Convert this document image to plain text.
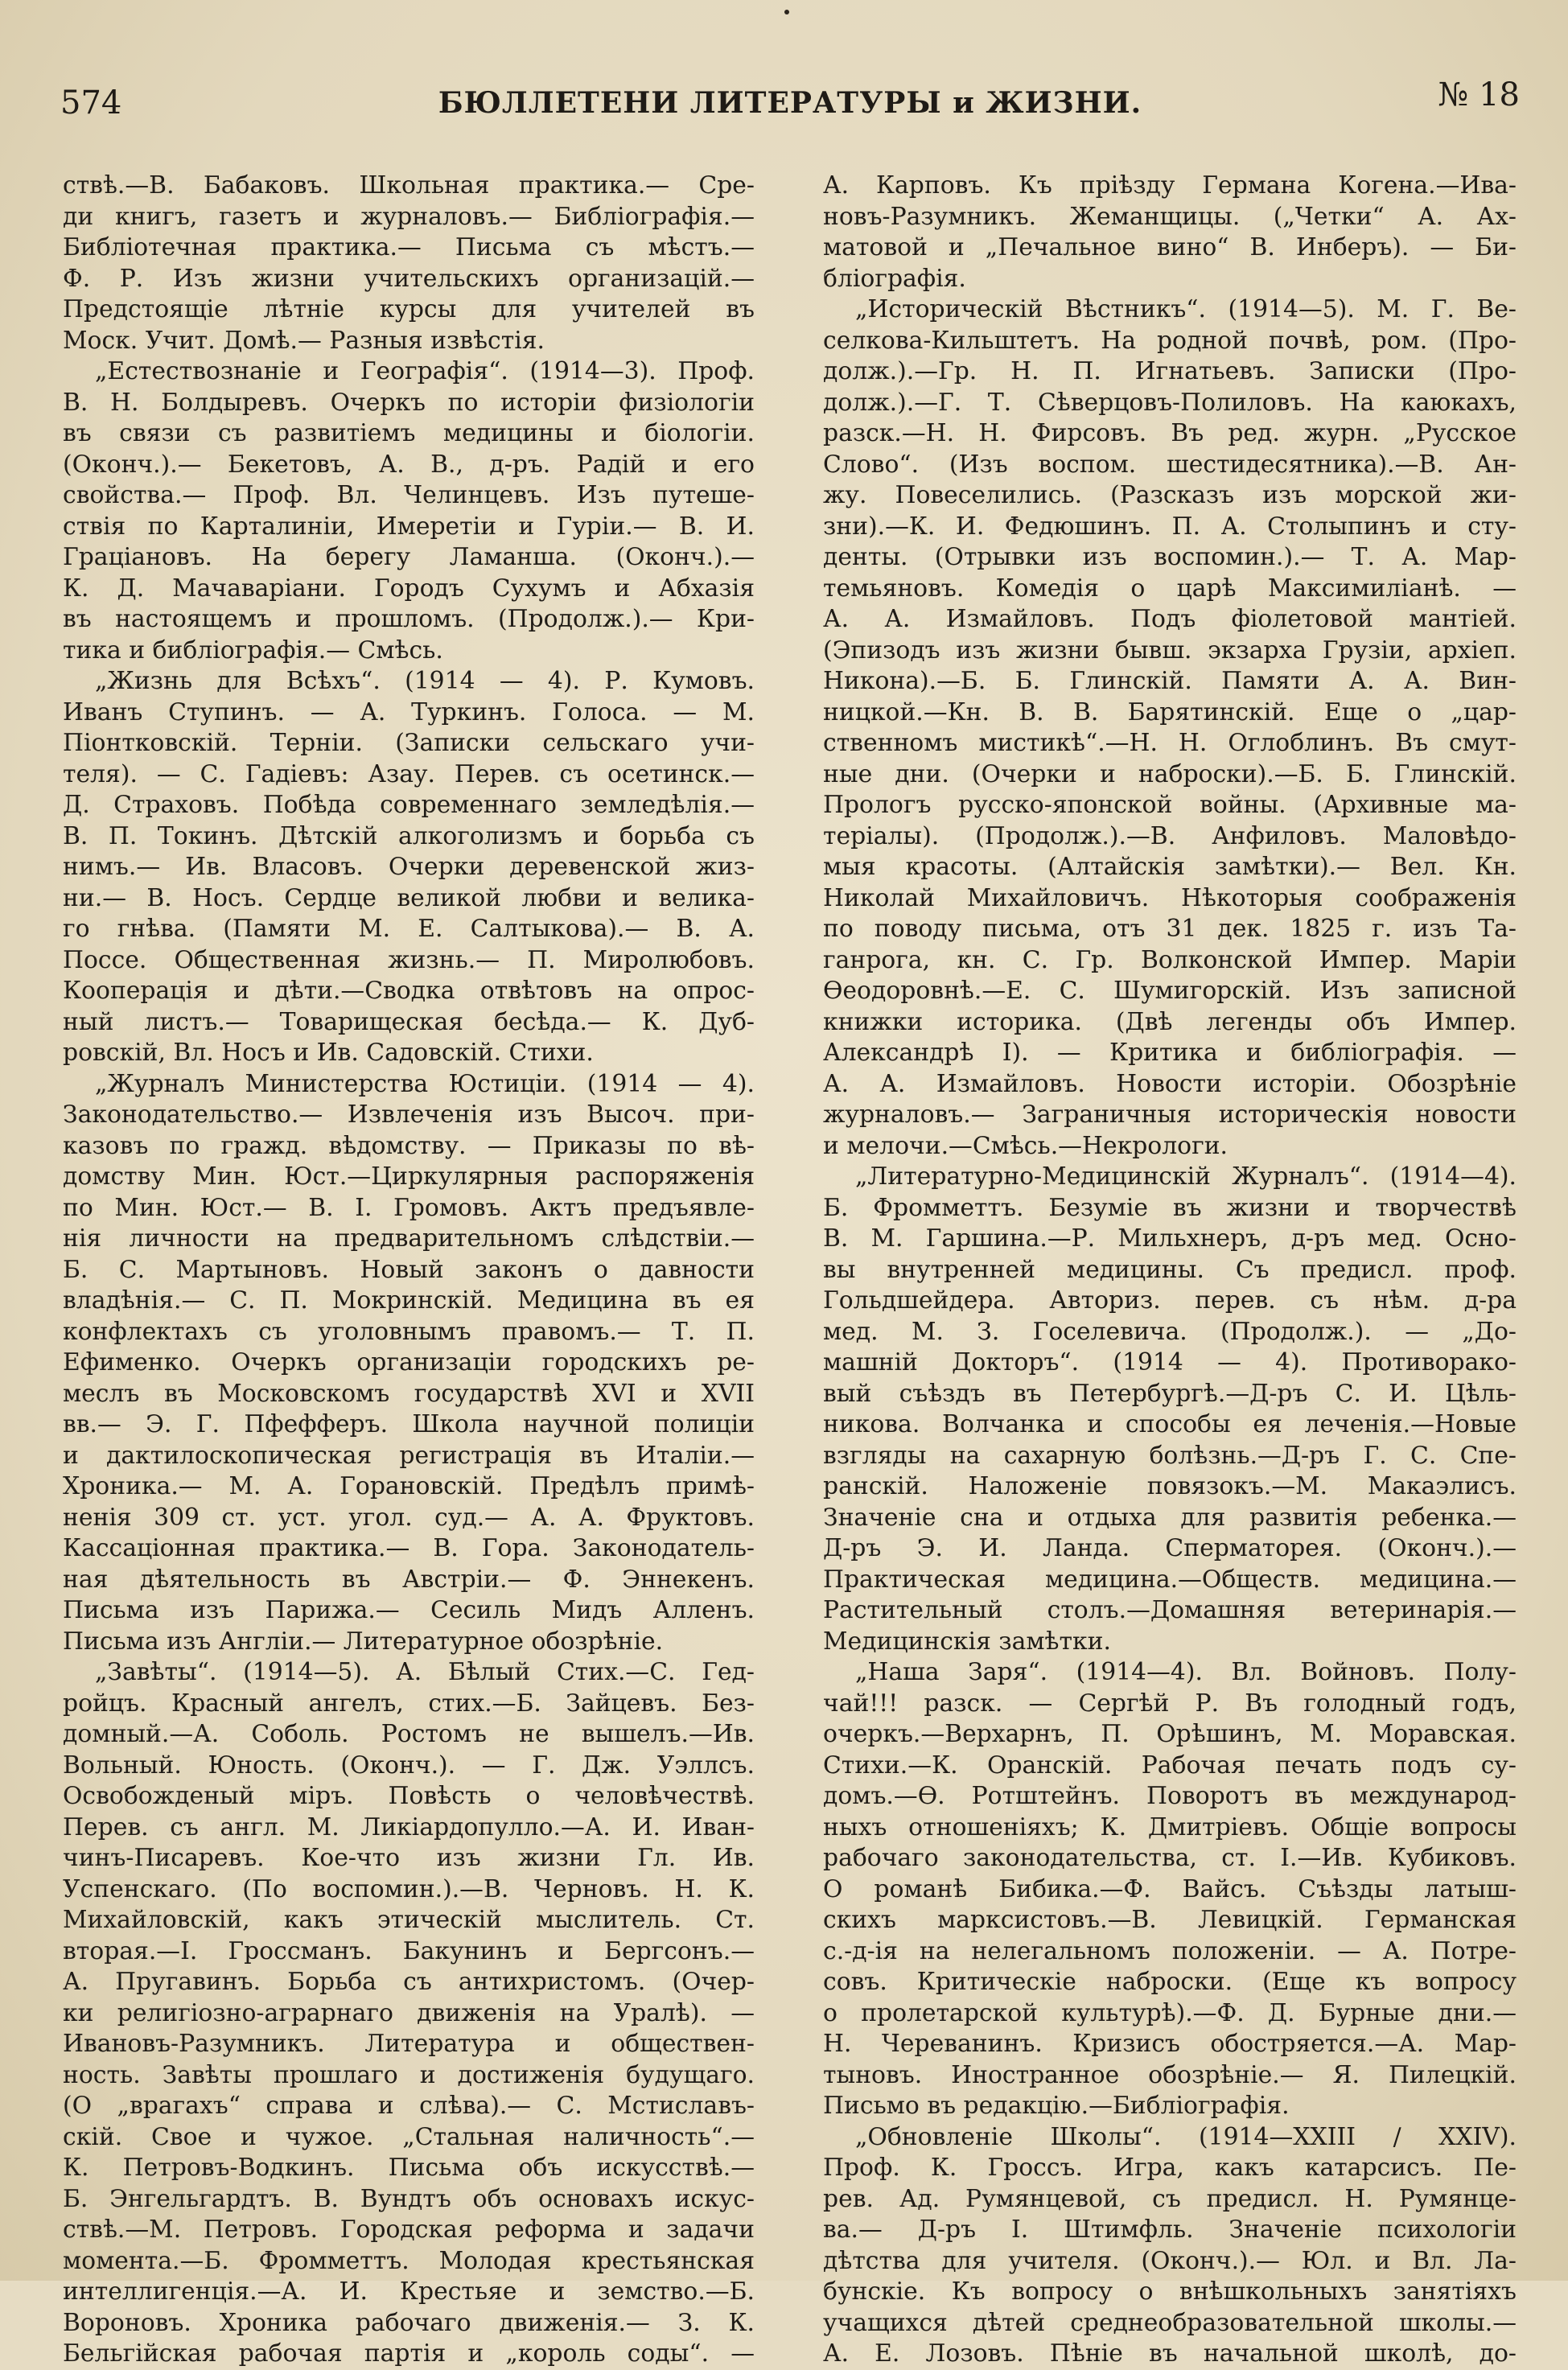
574	БЮЛЛЕТЕНИ ЛИТЕРАТУРЫ и ЖИЗНИ.	№ 18
ствѣ.—В. Бабаковъ. Школьная практика.— Сре-
ди книгъ, газетъ и журналовъ.— Библіографія.—
Библіотечная практика.— Письма съ мѣстъ.—
Ф. Р. Изъ жизни учительскихъ организацій.—
Предстоящіе лѣтніе курсы для учителей въ
Моск. Учит. Домѣ.— Разныя извѣстія.
„Естествознаніе и Географія“. (1914—3). Проф.
В. Н. Болдыревъ. Очеркъ по исторіи физіологіи
въ связи съ развитіемъ медицины и біологіи.
(Оконч.).— Бекетовъ, А. В., д-ръ. Радій и его
свойства.— Проф. Вл. Челинцевъ. Изъ путеше-
ствія по Карталиніи, Имеретіи и Гуріи.— В. И.
Граціановъ. На берегу Ламанша. (Оконч.).—
К. Д. Мачаваріани. Городъ Сухумъ и Абхазія
въ настоящемъ и прошломъ. (Продолж.).— Кри-
тика и библіографія.— Смѣсь.
„Жизнь для Всѣхъ“. (1914 — 4). Р. Кумовъ.
Иванъ Ступинъ. — А. Туркинъ. Голоса. — М.
Піонтковскій. Терніи. (Записки сельскаго учи-
теля). — С. Гадіевъ: Азау. Перев. съ осетинск.—
Д. Страховъ. Побѣда современнаго земледѣлія.—
В. П. Токинъ. Дѣтскій алкоголизмъ и борьба съ
нимъ.— Ив. Власовъ. Очерки деревенской жиз-
ни.— В. Носъ. Сердце великой любви и велика-
го гнѣва. (Памяти М. Е. Салтыкова).— В. А.
Поссе. Общественная жизнь.— П. Миролюбовъ.
Кооперація и дѣти.—Сводка отвѣтовъ на опрос-
ный листъ.— Товарищеская бесѣда.— К. Дуб-
ровскій, Вл. Носъ и Ив. Садовскій. Стихи.
„Журналъ Министерства Юстиціи. (1914 — 4).
Законодательство.— Извлеченія изъ Высоч. при-
казовъ по гражд. вѣдомству. — Приказы по вѣ-
домству Мин. Юст.—Циркулярныя распоряженія
по Мин. Юст.— В. І. Громовъ. Актъ предъявле-
нія личности на предварительномъ слѣдствіи.—
Б. С. Мартыновъ. Новый законъ о давности
владѣнія.— С. П. Мокринскій. Медицина въ ея
конфлектахъ съ уголовнымъ правомъ.— Т. П.
Ефименко. Очеркъ организаціи городскихъ ре-
меслъ въ Московскомъ государствѣ XVI и XVII
вв.— Э. Г. Пфефферъ. Школа научной полиціи
и дактилоскопическая регистрація въ Италіи.—
Хроника.— М. А. Горановскій. Предѣлъ примѣ-
ненія 309 ст. уст. угол. суд.— А. А. Фруктовъ.
Кассаціонная практика.— В. Гора. Законодатель-
ная дѣятельность въ Австріи.— Ф. Эннекенъ.
Письма изъ Парижа.— Сесиль Мидъ Алленъ.
Письма изъ Англіи.— Литературное обозрѣніе.
„Завѣты“. (1914—5). А. Бѣлый Стих.—С. Гед-
ройцъ. Красный ангелъ, стих.—Б. Зайцевъ. Без-
домный.—А. Соболь. Ростомъ не вышелъ.—Ив.
Вольный. Юность. (Оконч.). — Г. Дж. Уэллсъ.
Освобожденый міръ. Повѣсть о человѣчествѣ.
Перев. съ англ. М. Ликіардопулло.—А. И. Иван-
чинъ-Писаревъ. Кое-что изъ жизни Гл. Ив.
Успенскаго. (По воспомин.).—В. Черновъ. Н. К.
Михайловскій, какъ этическій мыслитель. Ст.
вторая.—І. Гроссманъ. Бакунинъ и Бергсонъ.—
А. Пругавинъ. Борьба съ антихристомъ. (Очер-
ки религіозно-аграрнаго движенія на Уралѣ). —
Ивановъ-Разумникъ. Литература и обществен-
ность. Завѣты прошлаго и достиженія будущаго.
(О „врагахъ“ справа и слѣва).— С. Мстиславъ-
скій. Свое и чужое. „Стальная наличность“.—
К. Петровъ-Водкинъ. Письма объ искусствѣ.—
Б. Энгельгардтъ. В. Вундтъ объ основахъ искус-
ствѣ.—М. Петровъ. Городская реформа и задачи
момента.—Б. Фромметтъ. Молодая крестьянская
интеллигенція.—А. И. Крестьяе и земство.—Б.
Вороновъ. Хроника рабочаго движенія.— З. К.
Бельгійская рабочая партія и „король соды“. —
А. Карповъ. Къ пріѣзду Германа Когена.—Ива-
новъ-Разумникъ. Жеманщицы. („Четки“ А. Ах-
матовой и „Печальное вино“ В. Инберъ). — Би-
бліографія.
„Историческій Вѣстникъ“. (1914—5). М. Г. Ве-
селкова-Кильштетъ. На родной почвѣ, ром. (Про-
долж.).—Гр. Н. П. Игнатьевъ. Записки (Про-
долж.).—Г. Т. Сѣверцовъ-Полиловъ. На каюкахъ,
разск.—Н. Н. Фирсовъ. Въ ред. журн. „Русское
Слово“. (Изъ воспом. шестидесятника).—В. Ан-
жу. Повеселились. (Разсказъ изъ морской жи-
зни).—К. И. Федюшинъ. П. А. Столыпинъ и сту-
денты. (Отрывки изъ воспомин.).— Т. А. Мар-
темьяновъ. Комедія о царѣ Максимиліанѣ. —
А. А. Измайловъ. Подъ фіолетовой мантіей.
(Эпизодъ изъ жизни бывш. экзарха Грузіи, архіеп.
Никона).—Б. Б. Глинскій. Памяти А. А. Вин-
ницкой.—Кн. В. В. Барятинскій. Еще о „цар-
ственномъ мистикѣ“.—Н. Н. Оглоблинъ. Въ смут-
ные дни. (Очерки и наброски).—Б. Б. Глинскій.
Прологъ русско-японской войны. (Архивные ма-
теріалы). (Продолж.).—В. Анфиловъ. Маловѣдо-
мыя красоты. (Алтайскія замѣтки).— Вел. Кн.
Николай Михайловичъ. Нѣкоторыя соображенія
по поводу письма, отъ 31 дек. 1825 г. изъ Та-
ганрога, кн. С. Гр. Волконской Импер. Маріи
Ѳеодоровнѣ.—Е. С. Шумигорскій. Изъ записной
книжки историка. (Двѣ легенды объ Импер.
Александрѣ I). — Критика и библіографія. —
А. А. Измайловъ. Новости исторіи. Обозрѣніе
журналовъ.— Заграничныя историческія новости
и мелочи.—Смѣсь.—Некрологи.
„Литературно-Медицинскій Журналъ“. (1914—4).
Б. Фромметтъ. Безуміе въ жизни и творчествѣ
В. М. Гаршина.—Р. Мильхнеръ, д-ръ мед. Осно-
вы внутренней медицины. Съ предисл. проф.
Гольдшейдера. Авториз. перев. съ нѣм. д-ра
мед. М. З. Госелевича. (Продолж.). — „До-
машній Докторъ“. (1914 — 4). Противорако-
вый съѣздъ въ Петербургѣ.—Д-ръ С. И. Цѣль-
никова. Волчанка и способы ея леченія.—Новые
взгляды на сахарную болѣзнь.—Д-ръ Г. С. Спе-
ранскій. Наложеніе повязокъ.—М. Макаэлисъ.
Значеніе сна и отдыха для развитія ребенка.—
Д-ръ Э. И. Ланда. Сперматорея. (Оконч.).—
Практическая медицина.—Обществ. медицина.—
Растительный столъ.—Домашняя ветеринарія.—
Медицинскія замѣтки.
„Наша Заря“. (1914—4). Вл. Войновъ. Полу-
чай!!! разск. — Сергѣй Р. Въ голодный годъ,
очеркъ.—Верхарнъ, П. Орѣшинъ, М. Моравская.
Стихи.—К. Оранскій. Рабочая печать подъ су-
домъ.—Ѳ. Ротштейнъ. Поворотъ въ международ-
ныхъ отношеніяхъ; К. Дмитріевъ. Общіе вопросы
рабочаго законодательства, ст. I.—Ив. Кубиковъ.
О романѣ Бибика.—Ф. Вайсъ. Съѣзды латыш-
скихъ марксистовъ.—В. Левицкій. Германская
с.-д-ія на нелегальномъ положеніи. — А. Потре-
совъ. Критическіе наброски. (Еще къ вопросу
о пролетарской культурѣ).—Ф. Д. Бурные дни.—
Н. Череванинъ. Кризисъ обостряется.—А. Мар-
тыновъ. Иностранное обозрѣніе.— Я. Пилецкій.
Письмо въ редакцію.—Библіографія.
„Обновленіе Школы“. (1914—XXIII / XXIV).
Проф. К. Гроссъ. Игра, какъ катарсисъ. Пе-
рев. Ад. Румянцевой, съ предисл. Н. Румянце-
ва.— Д-ръ І. Штимфль. Значеніе психологіи
дѣтства для учителя. (Оконч.).— Юл. и Вл. Ла-
бунскіе. Къ вопросу о внѣшкольныхъ занятіяхъ
учащихся дѣтей среднеобразовательной школы.—
А. Е. Лозовъ. Пѣніе въ начальной школѣ, до-
